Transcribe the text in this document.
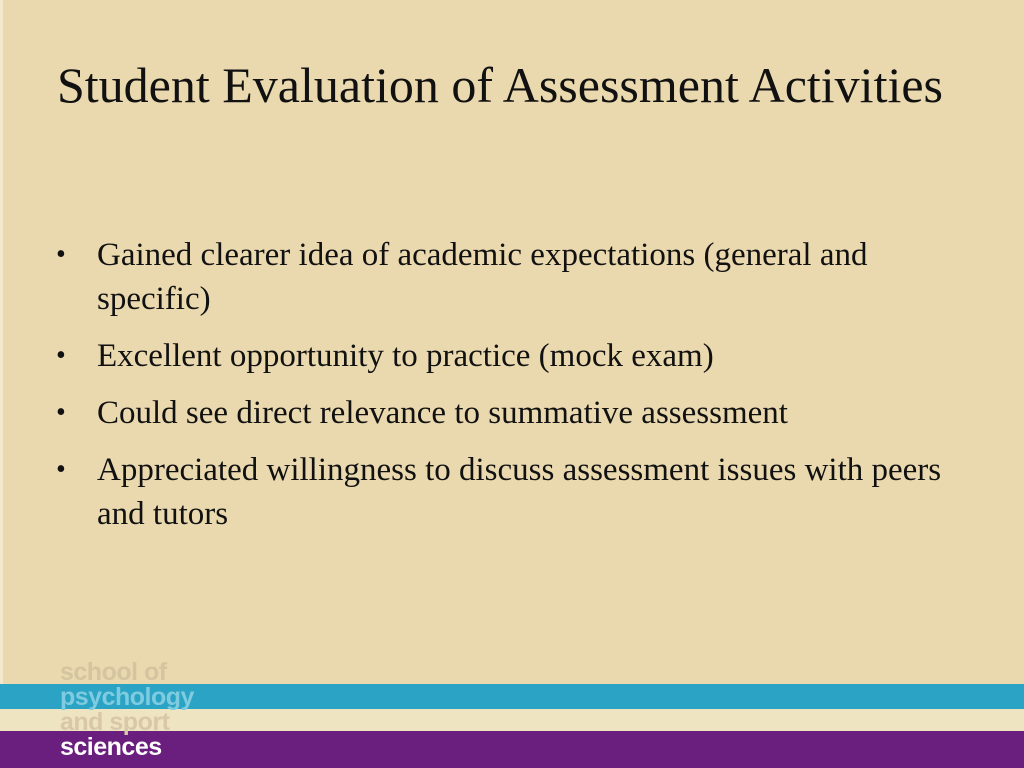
Student Evaluation of Assessment Activities
• Gained clearer idea of academic expectations (general and specific)
• Excellent opportunity to practice (mock exam)
• Could see direct relevance to summative assessment
• Appreciated willingness to discuss assessment issues with peers and tutors
school of
psychology
and sport
sciences
